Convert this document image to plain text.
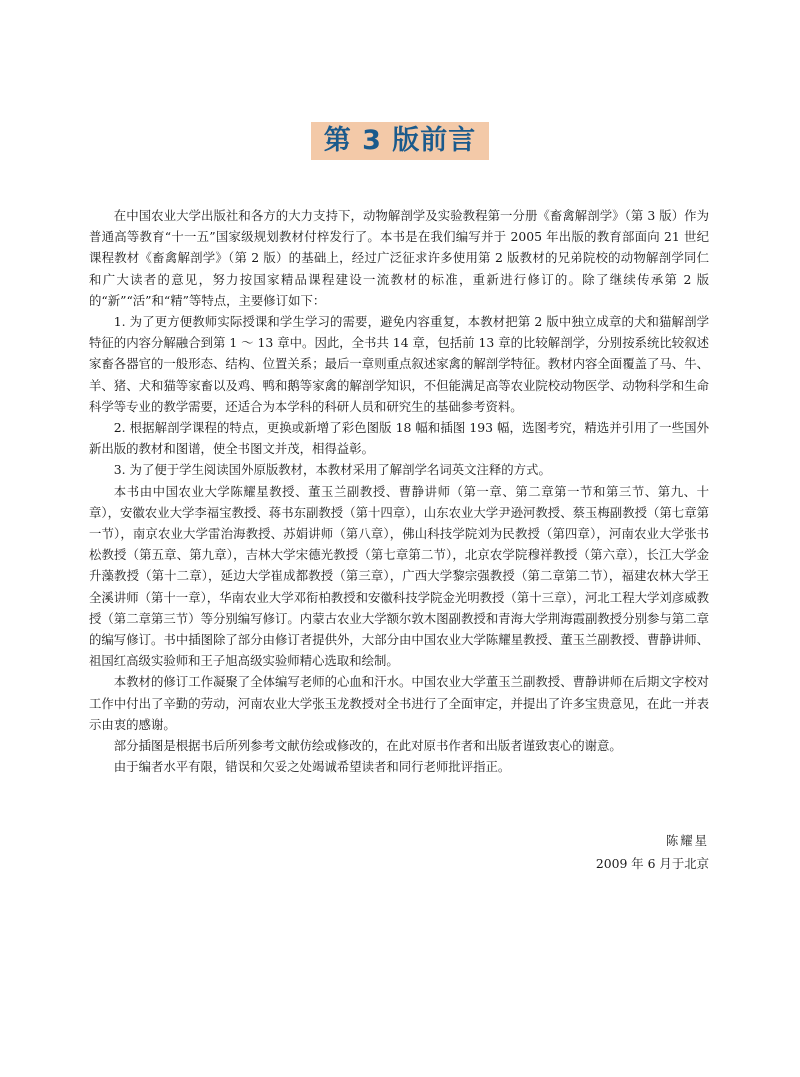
第 3 版前言

在中国农业大学出版社和各方的大力支持下，动物解剖学及实验教程第一分册《畜禽解剖学》（第 3 版）作为普通高等教育“十一五”国家级规划教材付梓发行了。本书是在我们编写并于 2005 年出版的教育部面向 21 世纪课程教材《畜禽解剖学》（第 2 版）的基础上，经过广泛征求许多使用第 2 版教材的兄弟院校的动物解剖学同仁和广大读者的意见，努力按国家精品课程建设一流教材的标准，重新进行修订的。除了继续传承第 2 版的“新”“活”和“精”等特点，主要修订如下：

1. 为了更方便教师实际授课和学生学习的需要，避免内容重复，本教材把第 2 版中独立成章的犬和猫解剖学特征的内容分解融合到第 1 ～ 13 章中。因此，全书共 14 章，包括前 13 章的比较解剖学，分别按系统比较叙述家畜各器官的一般形态、结构、位置关系；最后一章则重点叙述家禽的解剖学特征。教材内容全面覆盖了马、牛、羊、猪、犬和猫等家畜以及鸡、鸭和鹅等家禽的解剖学知识，不但能满足高等农业院校动物医学、动物科学和生命科学等专业的教学需要，还适合为本学科的科研人员和研究生的基础参考资料。

2. 根据解剖学课程的特点，更换或新增了彩色图版 18 幅和插图 193 幅，选图考究，精选并引用了一些国外新出版的教材和图谱，使全书图文并茂，相得益彰。

3. 为了便于学生阅读国外原版教材，本教材采用了解剖学名词英文注释的方式。

本书由中国农业大学陈耀星教授、董玉兰副教授、曹静讲师（第一章、第二章第一节和第三节、第九、十章），安徽农业大学李福宝教授、蒋书东副教授（第十四章），山东农业大学尹逊河教授、蔡玉梅副教授（第七章第一节），南京农业大学雷治海教授、苏娟讲师（第八章），佛山科技学院刘为民教授（第四章），河南农业大学张书松教授（第五章、第九章），吉林大学宋德光教授（第七章第二节），北京农学院穆祥教授（第六章），长江大学金升藻教授（第十二章），延边大学崔成都教授（第三章），广西大学黎宗强教授（第二章第二节），福建农林大学王全溪讲师（第十一章），华南农业大学邓衔柏教授和安徽科技学院金光明教授（第十三章），河北工程大学刘彦威教授（第二章第三节）等分别编写修订。内蒙古农业大学额尔敦木图副教授和青海大学荆海霞副教授分别参与第二章的编写修订。书中插图除了部分由修订者提供外，大部分由中国农业大学陈耀星教授、董玉兰副教授、曹静讲师、祖国红高级实验师和王子旭高级实验师精心选取和绘制。

本教材的修订工作凝聚了全体编写老师的心血和汗水。中国农业大学董玉兰副教授、曹静讲师在后期文字校对工作中付出了辛勤的劳动，河南农业大学张玉龙教授对全书进行了全面审定，并提出了许多宝贵意见，在此一并表示由衷的感谢。

部分插图是根据书后所列参考文献仿绘或修改的，在此对原书作者和出版者谨致衷心的谢意。

由于编者水平有限，错误和欠妥之处竭诚希望读者和同行老师批评指正。

陈耀星
2009 年 6 月于北京
